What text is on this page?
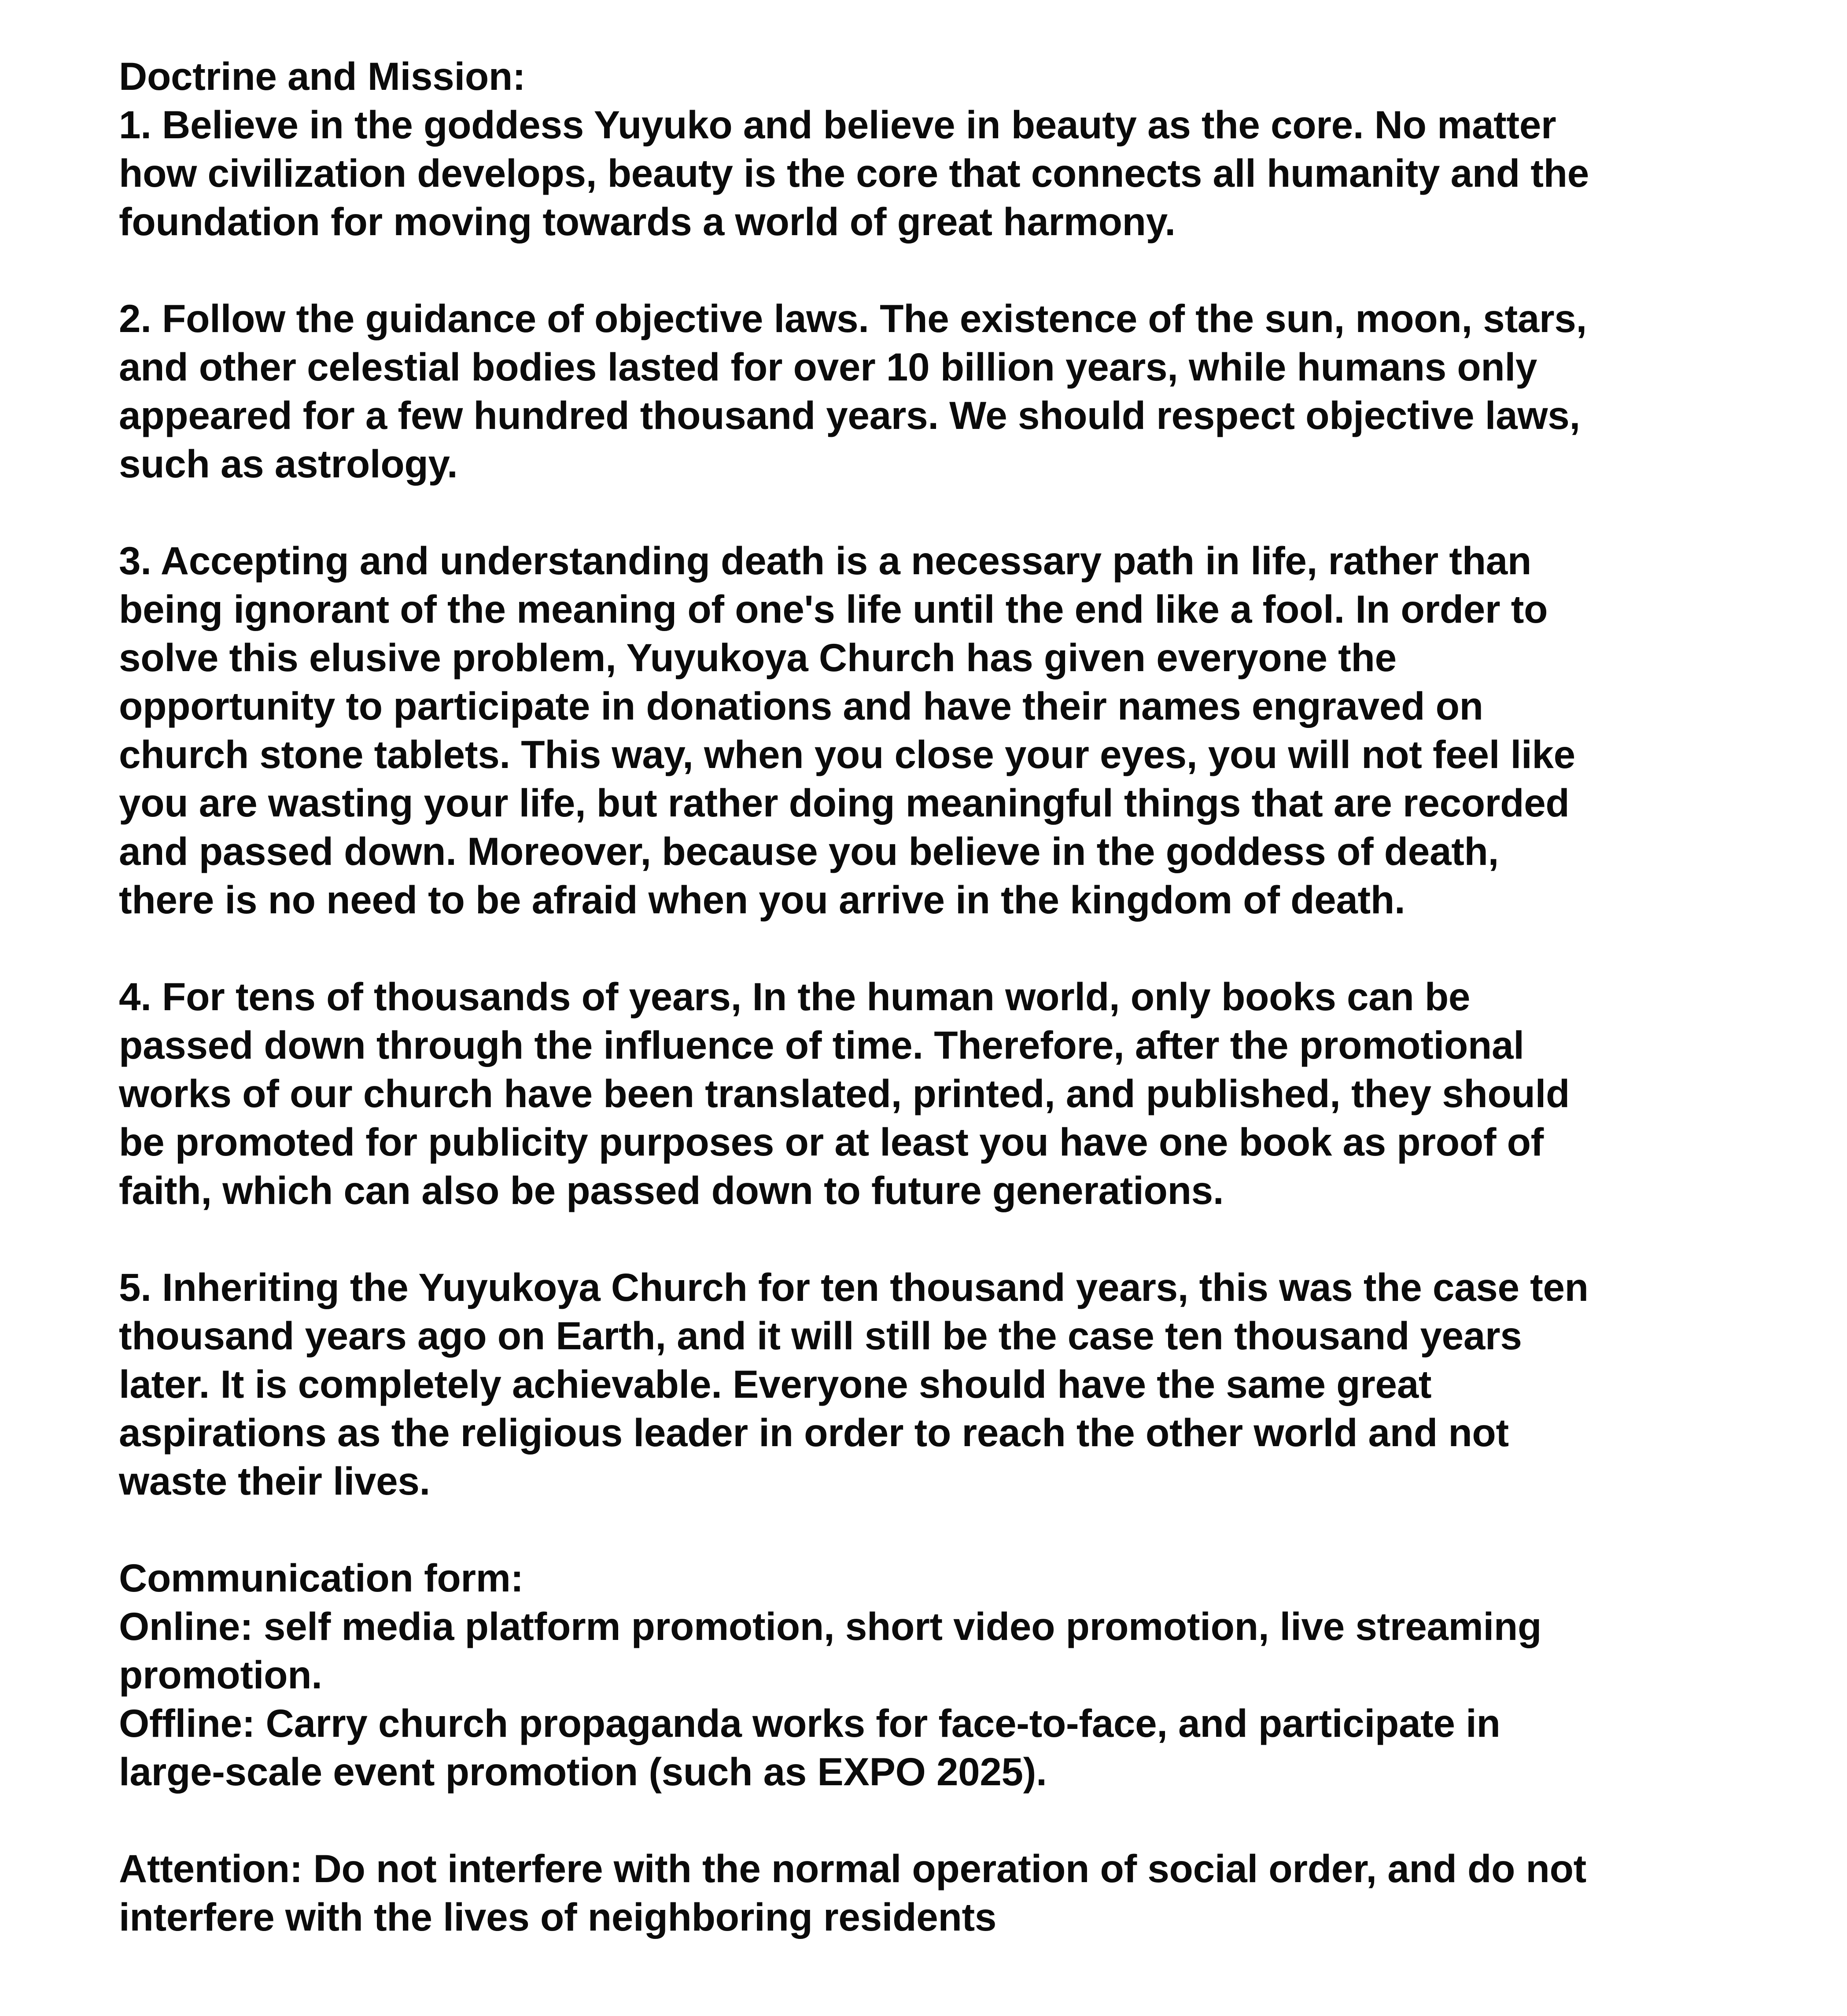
Doctrine and Mission:

1. Believe in the goddess Yuyuko and believe in beauty as the core. No matter
how civilization develops, beauty is the core that connects all humanity and the
foundation for moving towards a world of great harmony.

2. Follow the guidance of objective laws. The existence of the sun, moon, stars,
and other celestial bodies lasted for over 10 billion years, while humans only
appeared for a few hundred thousand years. We should respect objective laws,
such as astrology.

3. Accepting and understanding death is a necessary path in life, rather than
being ignorant of the meaning of one's life until the end like a fool. In order to
solve this elusive problem, Yuyukoya Church has given everyone the
opportunity to participate in donations and have their names engraved on
church stone tablets. This way, when you close your eyes, you will not feel like
you are wasting your life, but rather doing meaningful things that are recorded
and passed down. Moreover, because you believe in the goddess of death,
there is no need to be afraid when you arrive in the kingdom of death.

4. For tens of thousands of years, In the human world, only books can be
passed down through the influence of time. Therefore, after the promotional
works of our church have been translated, printed, and published, they should
be promoted for publicity purposes or at least you have one book as proof of
faith, which can also be passed down to future generations.

5. Inheriting the Yuyukoya Church for ten thousand years, this was the case ten
thousand years ago on Earth, and it will still be the case ten thousand years
later. It is completely achievable. Everyone should have the same great
aspirations as the religious leader in order to reach the other world and not
waste their lives.

Communication form:

Online: self media platform promotion, short video promotion, live streaming
promotion.

Offline: Carry church propaganda works for face-to-face, and participate in
large-scale event promotion (such as EXPO 2025).

Attention: Do not interfere with the normal operation of social order, and do not
interfere with the lives of neighboring residents
